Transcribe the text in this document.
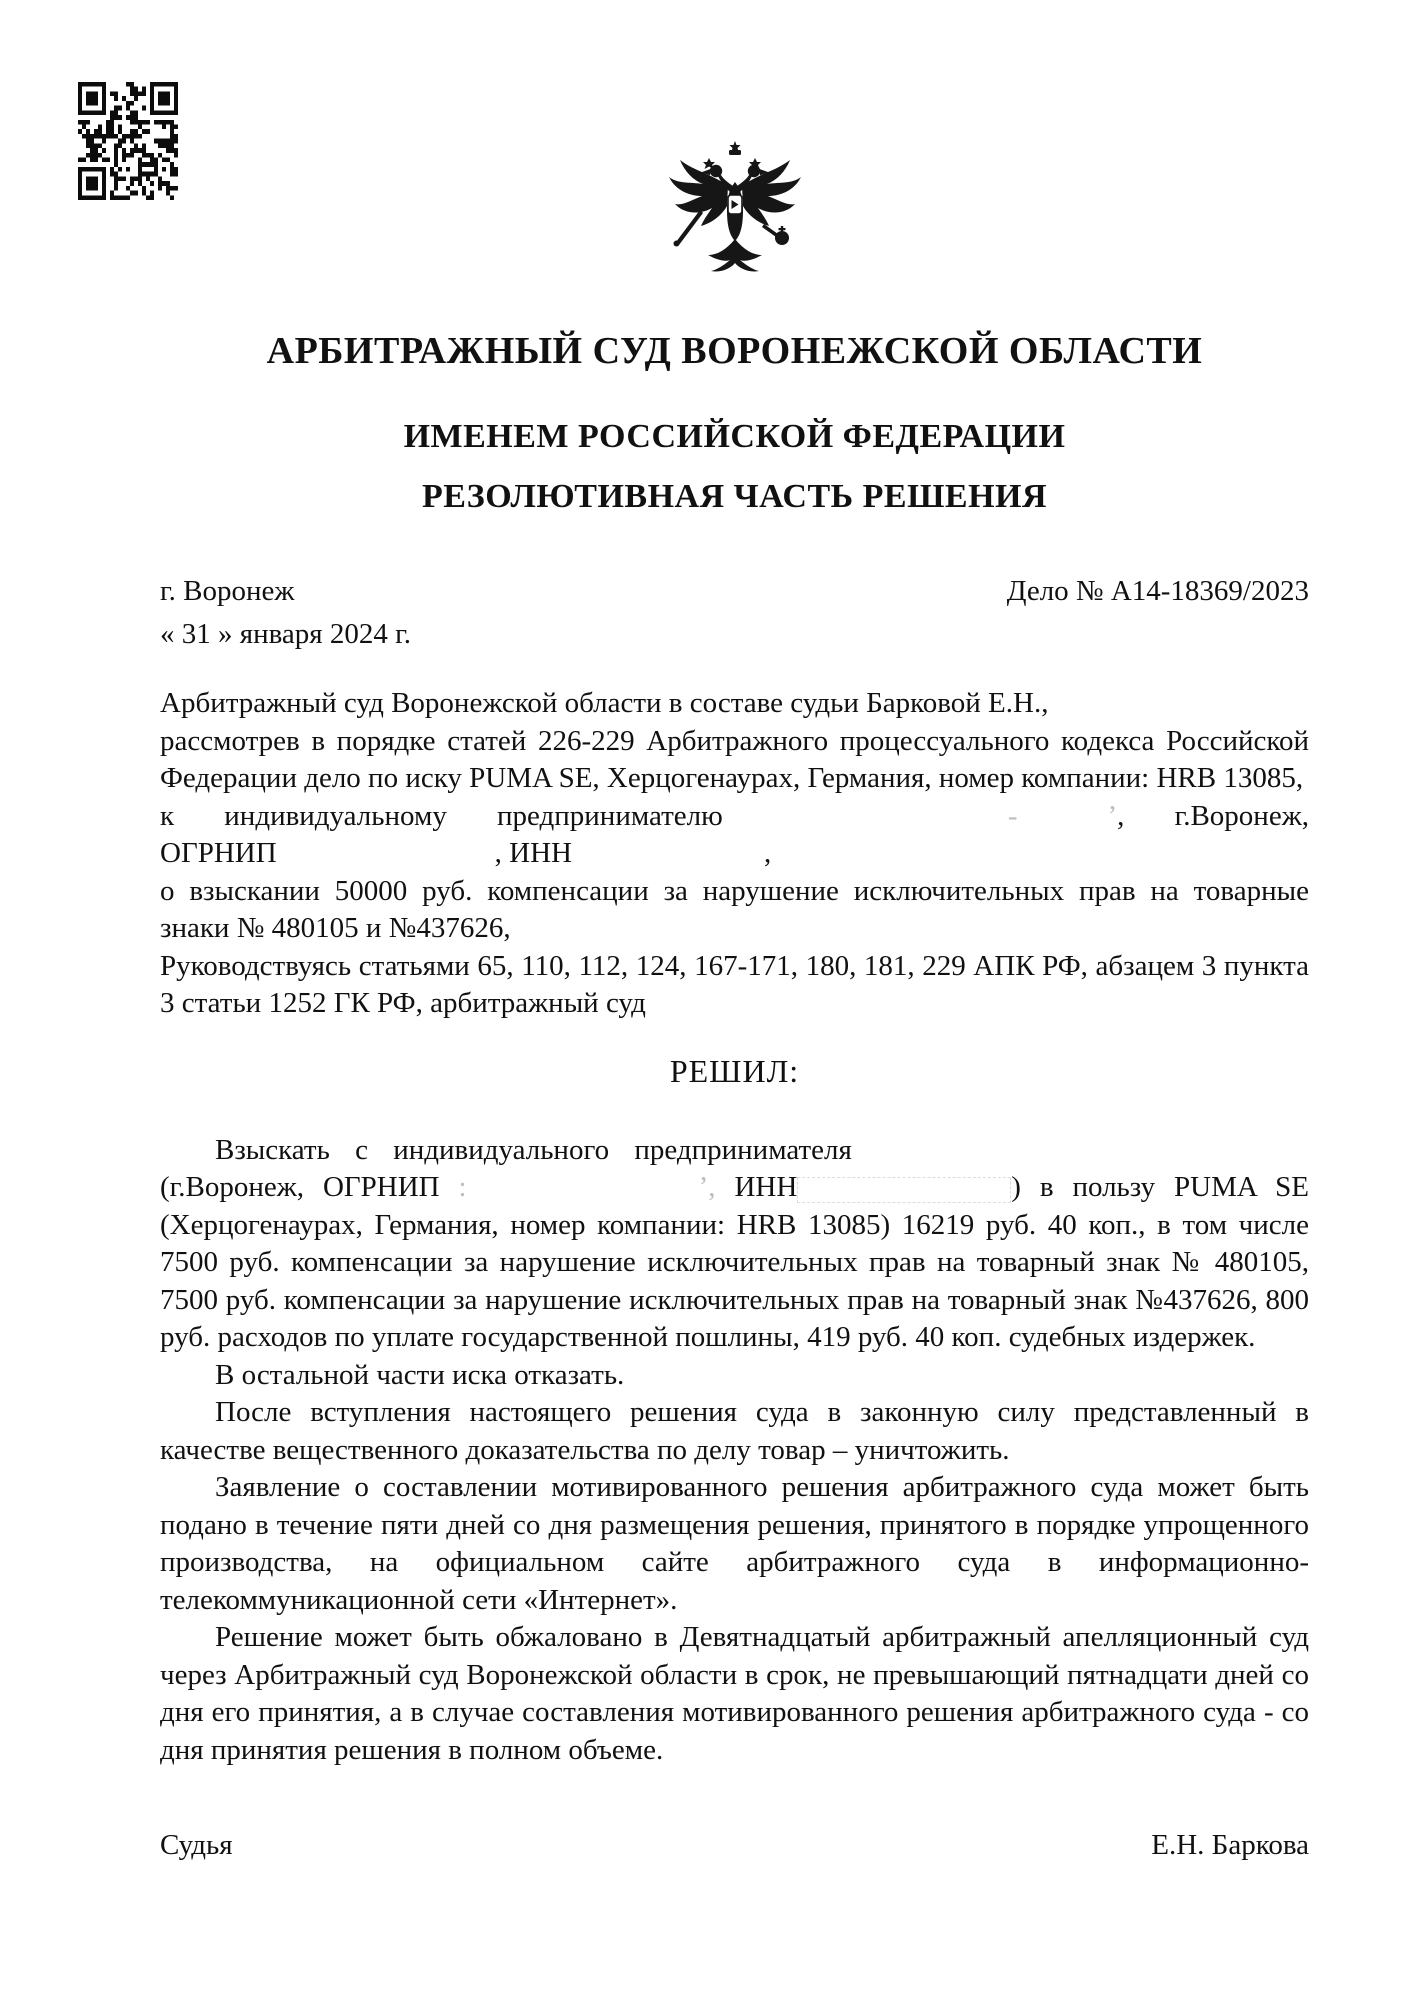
АРБИТРАЖНЫЙ СУД ВОРОНЕЖСКОЙ ОБЛАСТИ
ИМЕНЕМ РОССИЙСКОЙ ФЕДЕРАЦИИ
РЕЗОЛЮТИВНАЯ ЧАСТЬ РЕШЕНИЯ
г. Воронеж	Дело № А14-18369/2023
« 31 » января 2024 г.

Арбитражный суд Воронежской области в составе судьи Барковой Е.Н.,

рассмотрев в порядке статей 226-229 Арбитражного процессуального кодекса Российской Федерации дело по иску PUMA SE, Херцогенаурах, Германия, номер компании: HRB 13085,

к индивидуальному предпринимателю	-	ʼ, г.Воронеж,

ОГРНИП	, ИНН	,

о взыскании 50000 руб. компенсации за нарушение исключительных прав на товарные знаки № 480105 и №437626,

Руководствуясь статьями 65, 110, 112, 124, 167-171, 180, 181, 229 АПК РФ, абзацем 3 пункта 3 статьи 1252 ГК РФ, арбитражный суд

РЕШИЛ:

Взыскать с индивидуального предпринимателя

(г.Воронеж, ОГРНИП :	ʼ, ИНН	) в пользу PUMA SE

(Херцогенаурах, Германия, номер компании: HRB 13085) 16219 руб. 40 коп., в том числе 7500 руб. компенсации за нарушение исключительных прав на товарный знак № 480105, 7500 руб. компенсации за нарушение исключительных прав на товарный знак №437626, 800 руб. расходов по уплате государственной пошлины, 419 руб. 40 коп. судебных издержек.

В остальной части иска отказать.

После вступления настоящего решения суда в законную силу представленный в качестве вещественного доказательства по делу товар – уничтожить.

Заявление о составлении мотивированного решения арбитражного суда может быть подано в течение пяти дней со дня размещения решения, принятого в порядке упрощенного производства, на официальном сайте арбитражного суда в информационно-телекоммуникационной сети «Интернет».

Решение может быть обжаловано в Девятнадцатый арбитражный апелляционный суд через Арбитражный суд Воронежской области в срок, не превышающий пятнадцати дней со дня его принятия, а в случае составления мотивированного решения арбитражного суда - со дня принятия решения в полном объеме.

Судья	Е.Н. Баркова
